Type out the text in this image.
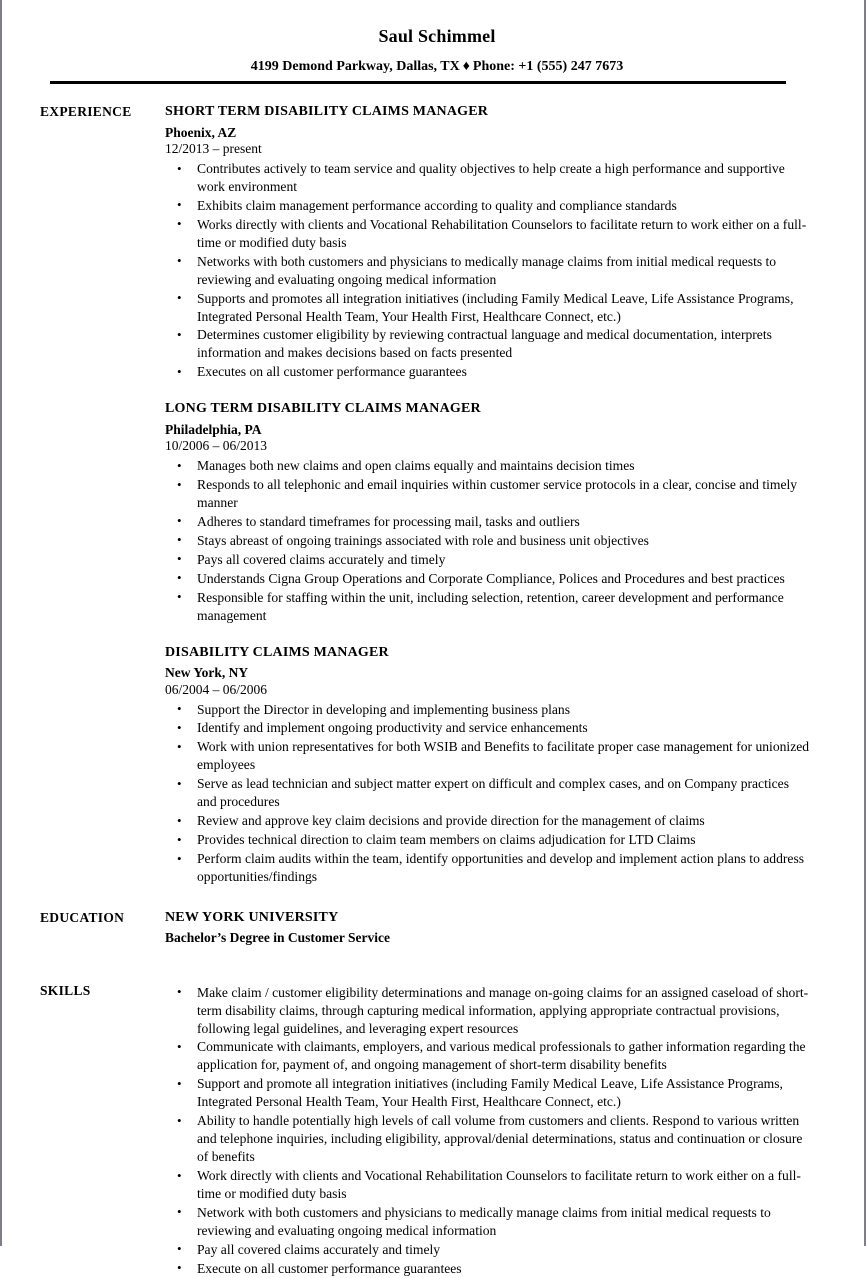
Saul Schimmel
4199 Demond Parkway, Dallas, TX ♦ Phone: +1 (555) 247 7673
EXPERIENCE	SHORT TERM DISABILITY CLAIMS MANAGER
Phoenix, AZ
12/2013 – present
• Contributes actively to team service and quality objectives to help create a high performance and supportive work environment
• Exhibits claim management performance according to quality and compliance standards
• Works directly with clients and Vocational Rehabilitation Counselors to facilitate return to work either on a full-time or modified duty basis
• Networks with both customers and physicians to medically manage claims from initial medical requests to reviewing and evaluating ongoing medical information
• Supports and promotes all integration initiatives (including Family Medical Leave, Life Assistance Programs, Integrated Personal Health Team, Your Health First, Healthcare Connect, etc.)
• Determines customer eligibility by reviewing contractual language and medical documentation, interprets information and makes decisions based on facts presented
• Executes on all customer performance guarantees
LONG TERM DISABILITY CLAIMS MANAGER
Philadelphia, PA
10/2006 – 06/2013
• Manages both new claims and open claims equally and maintains decision times
• Responds to all telephonic and email inquiries within customer service protocols in a clear, concise and timely manner
• Adheres to standard timeframes for processing mail, tasks and outliers
• Stays abreast of ongoing trainings associated with role and business unit objectives
• Pays all covered claims accurately and timely
• Understands Cigna Group Operations and Corporate Compliance, Polices and Procedures and best practices
• Responsible for staffing within the unit, including selection, retention, career development and performance management
DISABILITY CLAIMS MANAGER
New York, NY
06/2004 – 06/2006
• Support the Director in developing and implementing business plans
• Identify and implement ongoing productivity and service enhancements
• Work with union representatives for both WSIB and Benefits to facilitate proper case management for unionized employees
• Serve as lead technician and subject matter expert on difficult and complex cases, and on Company practices and procedures
• Review and approve key claim decisions and provide direction for the management of claims
• Provides technical direction to claim team members on claims adjudication for LTD Claims
• Perform claim audits within the team, identify opportunities and develop and implement action plans to address opportunities/findings
EDUCATION	NEW YORK UNIVERSITY
Bachelor’s Degree in Customer Service
SKILLS	• Make claim / customer eligibility determinations and manage on-going claims for an assigned caseload of short-term disability claims, through capturing medical information, applying appropriate contractual provisions, following legal guidelines, and leveraging expert resources
• Communicate with claimants, employers, and various medical professionals to gather information regarding the application for, payment of, and ongoing management of short-term disability benefits
• Support and promote all integration initiatives (including Family Medical Leave, Life Assistance Programs, Integrated Personal Health Team, Your Health First, Healthcare Connect, etc.)
• Ability to handle potentially high levels of call volume from customers and clients. Respond to various written and telephone inquiries, including eligibility, approval/denial determinations, status and continuation or closure of benefits
• Work directly with clients and Vocational Rehabilitation Counselors to facilitate return to work either on a full-time or modified duty basis
• Network with both customers and physicians to medically manage claims from initial medical requests to reviewing and evaluating ongoing medical information
• Pay all covered claims accurately and timely
• Execute on all customer performance guarantees
